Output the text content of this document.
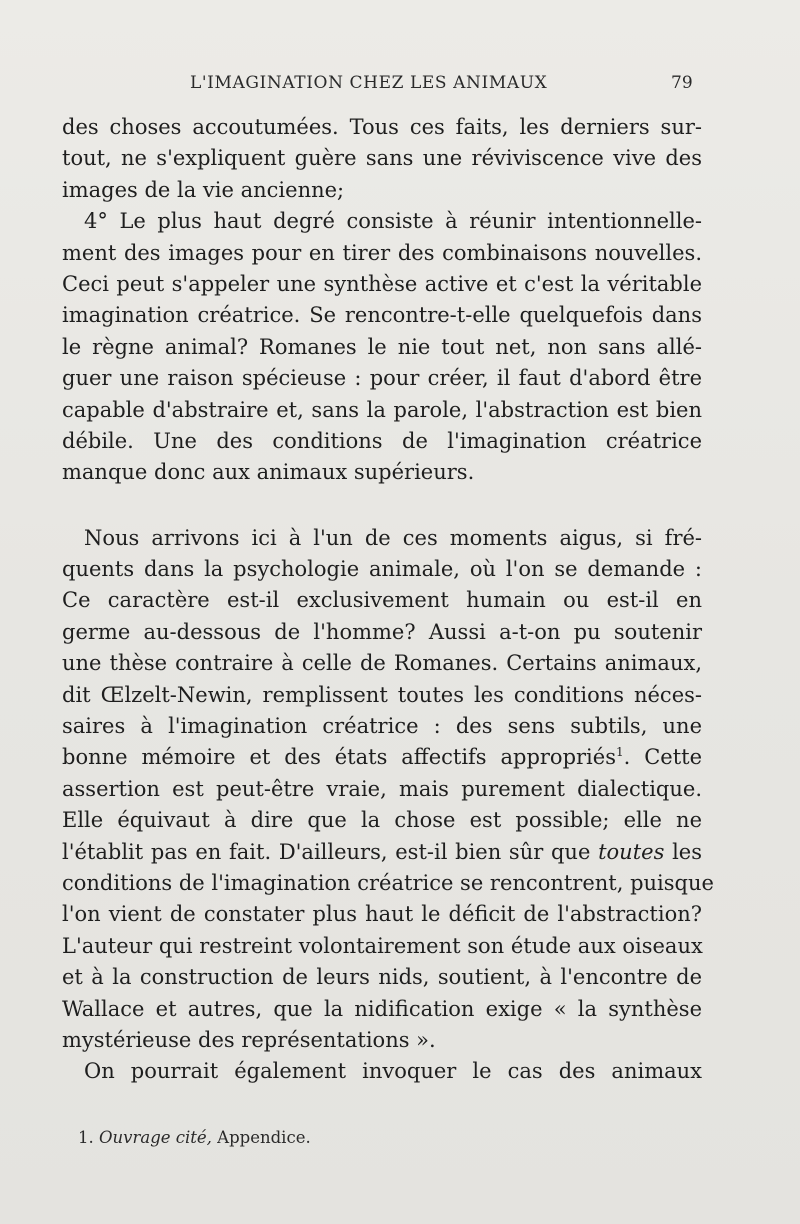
L'IMAGINATION CHEZ LES ANIMAUX	79
des choses accoutumées. Tous ces faits, les derniers sur-
tout, ne s'expliquent guère sans une réviviscence vive des
images de la vie ancienne;
4° Le plus haut degré consiste à réunir intentionnelle-
ment des images pour en tirer des combinaisons nouvelles.
Ceci peut s'appeler une synthèse active et c'est la véritable
imagination créatrice. Se rencontre-t-elle quelquefois dans
le règne animal? Romanes le nie tout net, non sans allé-
guer une raison spécieuse : pour créer, il faut d'abord être
capable d'abstraire et, sans la parole, l'abstraction est bien
débile. Une des conditions de l'imagination créatrice
manque donc aux animaux supérieurs.
Nous arrivons ici à l'un de ces moments aigus, si fré-
quents dans la psychologie animale, où l'on se demande :
Ce caractère est-il exclusivement humain ou est-il en
germe au-dessous de l'homme? Aussi a-t-on pu soutenir
une thèse contraire à celle de Romanes. Certains animaux,
dit Œlzelt-Newin, remplissent toutes les conditions néces-
saires à l'imagination créatrice : des sens subtils, une
bonne mémoire et des états affectifs appropriés$^1$. Cette
assertion est peut-être vraie, mais purement dialectique.
Elle équivaut à dire que la chose est possible; elle ne
l'établit pas en fait. D'ailleurs, est-il bien sûr que toutes les
conditions de l'imagination créatrice se rencontrent, puisque
l'on vient de constater plus haut le déficit de l'abstraction?
L'auteur qui restreint volontairement son étude aux oiseaux
et à la construction de leurs nids, soutient, à l'encontre de
Wallace et autres, que la nidification exige « la synthèse
mystérieuse des représentations ».
On pourrait également invoquer le cas des animaux
1. Ouvrage cité, Appendice.
